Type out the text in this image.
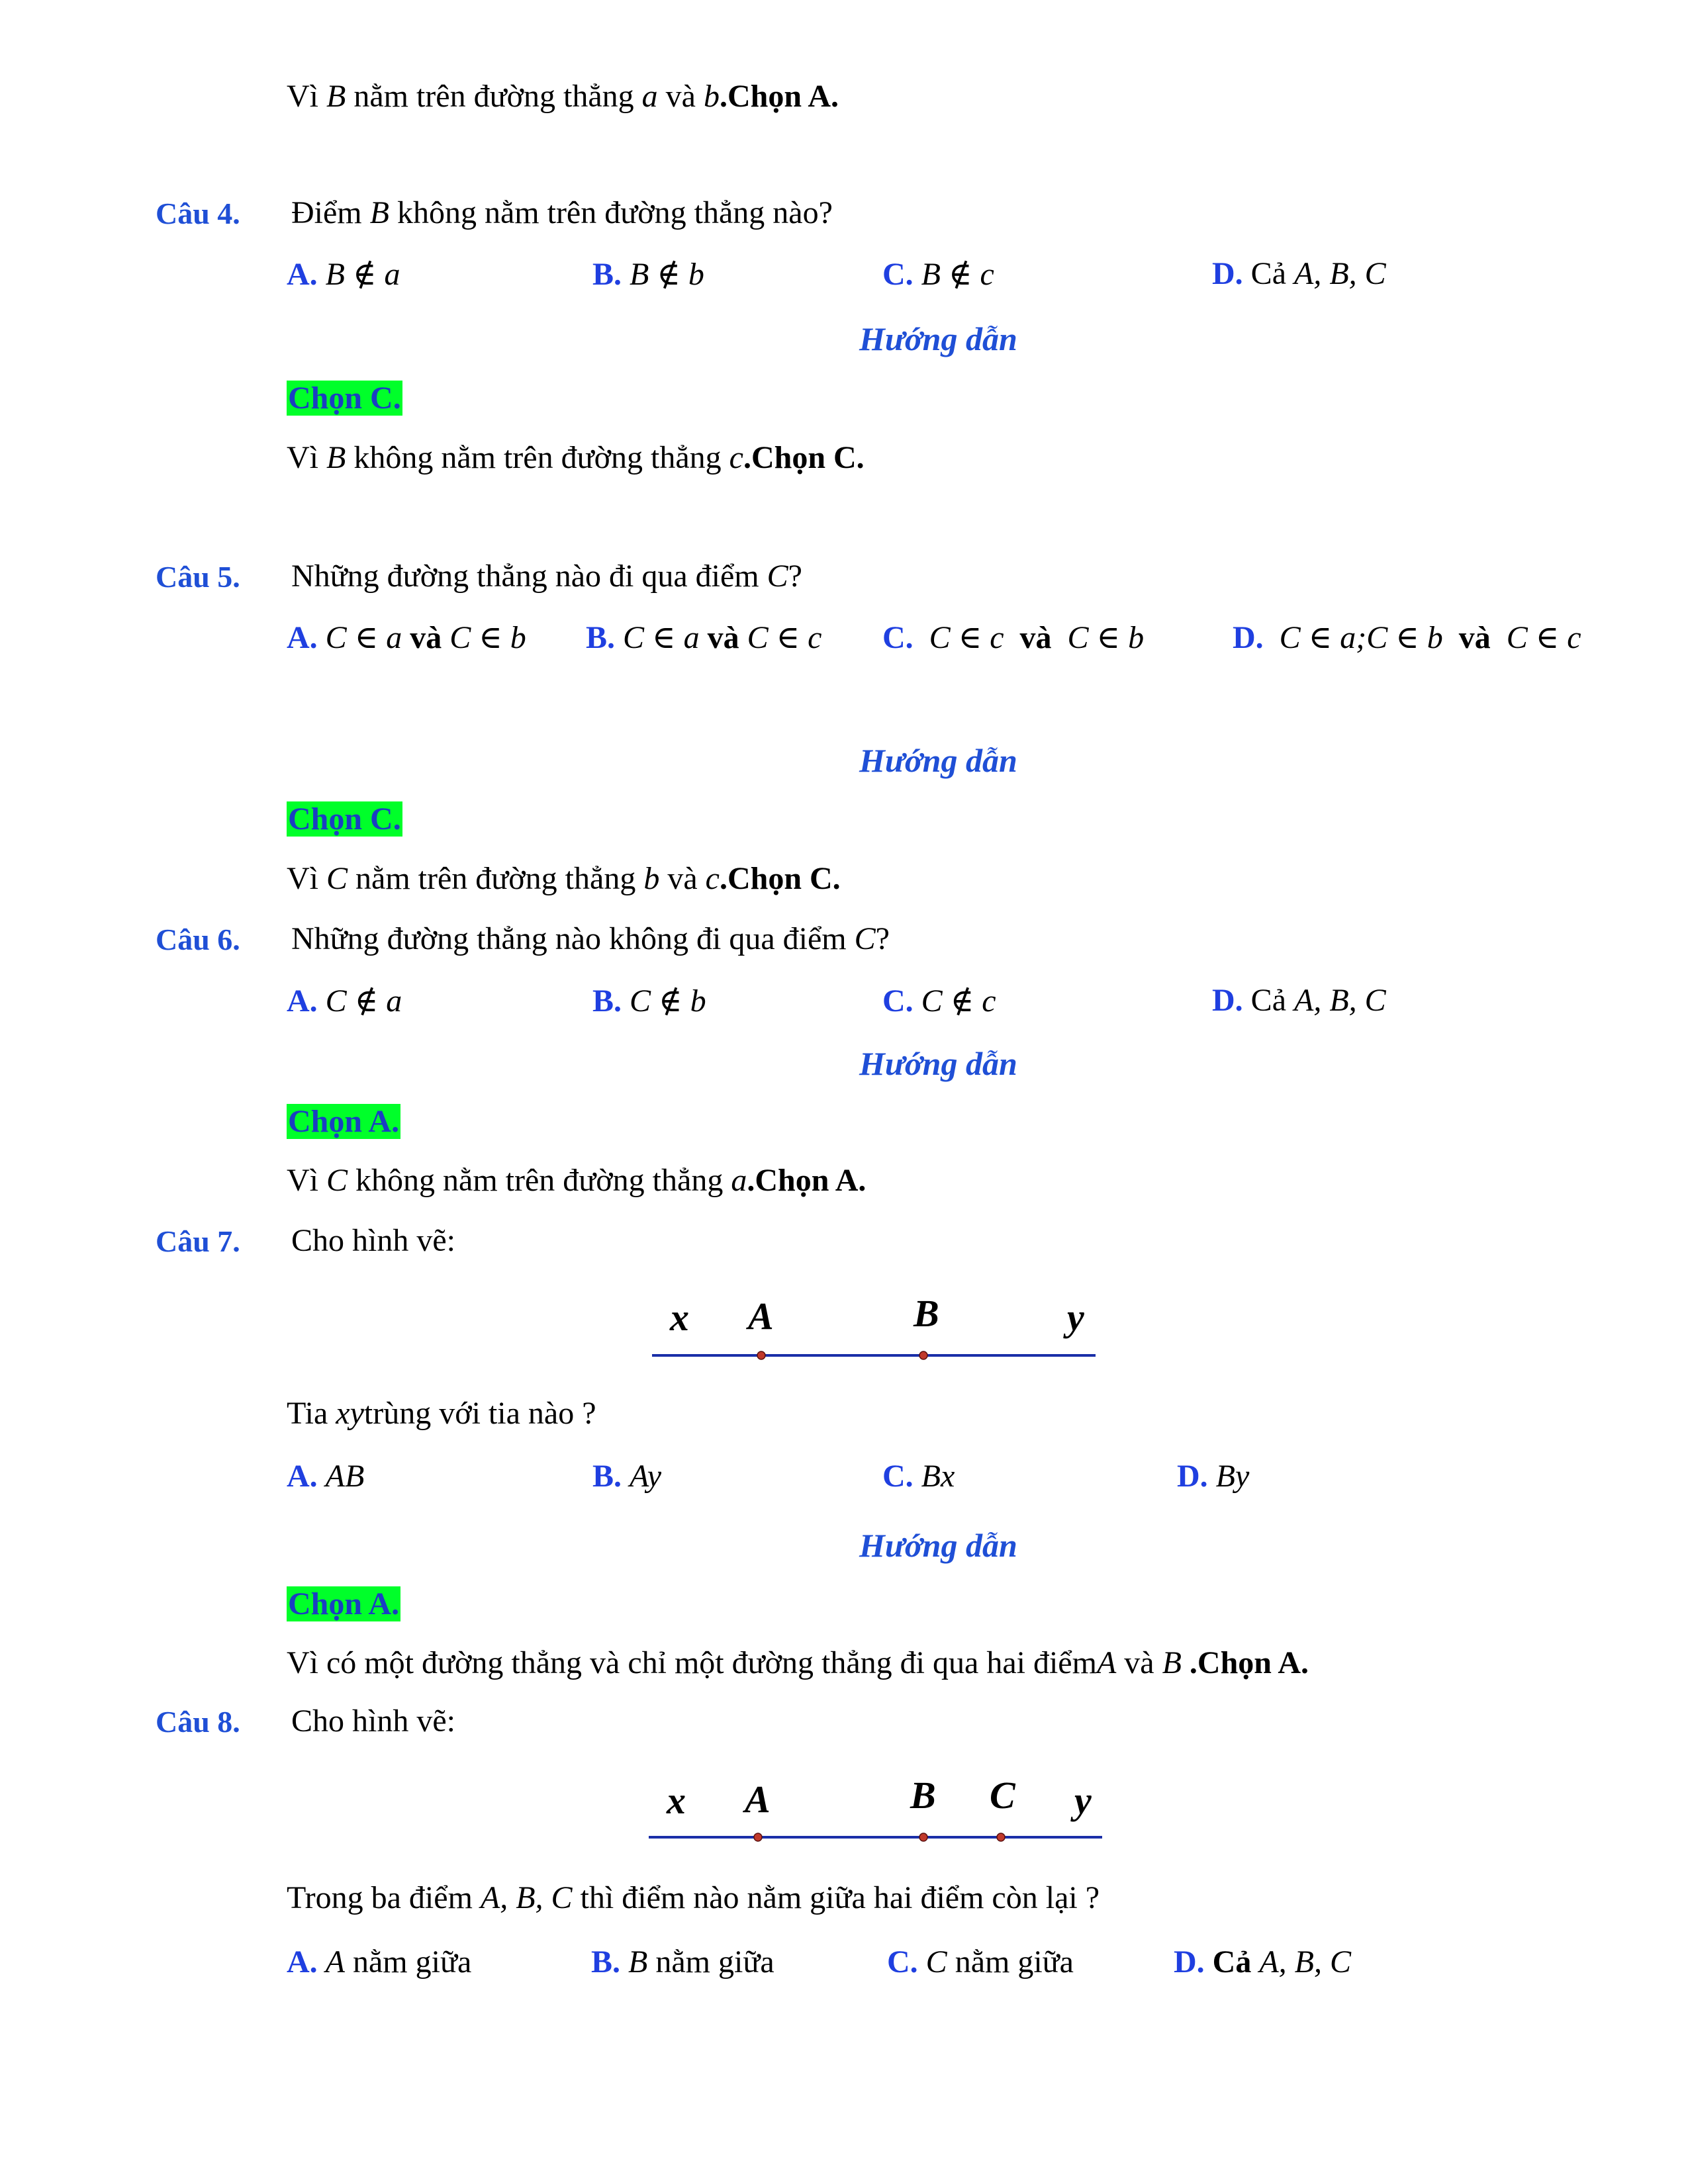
Vì B nằm trên đường thẳng a và b.Chọn A.
Câu 4. Điểm B không nằm trên đường thẳng nào?
A. B ∉ a	B. B ∉ b	C. B ∉ c	D. Cả A, B, C
Hướng dẫn
Chọn C.
Vì B không nằm trên đường thẳng c.Chọn C.
Câu 5. Những đường thẳng nào đi qua điểm C?
A. C ∈ a và C ∈ b B. C ∈ a và C ∈ c C. C ∈ c và C ∈ b	D. C ∈ a;C ∈ b và C ∈ c
Hướng dẫn
Chọn C.
Vì C nằm trên đường thẳng b và c.Chọn C.
Câu 6. Những đường thẳng nào không đi qua điểm C?
A. C ∉ a	B. C ∉ b	C. C ∉ c	D. Cả A, B, C
Hướng dẫn
Chọn A.
Vì C không nằm trên đường thẳng a.Chọn A.
Câu 7. Cho hình vẽ:
x A	B	y
Tia xytrùng với tia nào ?
A. AB	B. Ay	C. Bx	D. By
Hướng dẫn
Chọn A.
Vì có một đường thẳng và chỉ một đường thẳng đi qua hai điểmA và B .Chọn A.
Câu 8. Cho hình vẽ:
x A	B C y
Trong ba điểm A, B, C thì điểm nào nằm giữa hai điểm còn lại ?
A. A nằm giữa	B. B nằm giữa	C. C nằm giữa	D. Cả A, B, C
